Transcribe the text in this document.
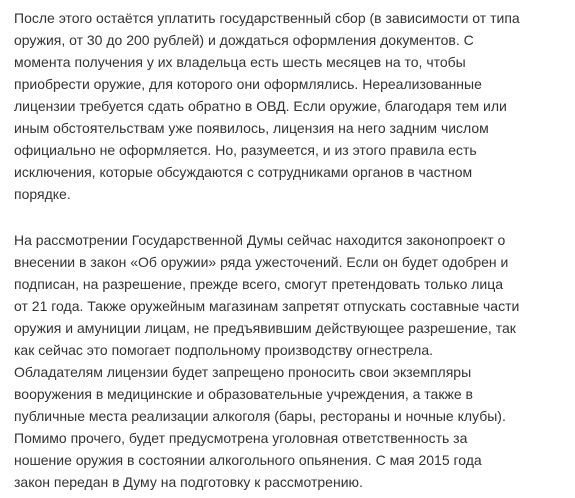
После этого остаётся уплатить государственный сбор (в зависимости от типа
оружия, от 30 до 200 рублей) и дождаться оформления документов. С
момента получения у их владельца есть шесть месяцев на то, чтобы
приобрести оружие, для которого они оформлялись. Нереализованные
лицензии требуется сдать обратно в ОВД. Если оружие, благодаря тем или
иным обстоятельствам уже появилось, лицензия на него задним числом
официально не оформляется. Но, разумеется, и из этого правила есть
исключения, которые обсуждаются с сотрудниками органов в частном
порядке.

На рассмотрении Государственной Думы сейчас находится законопроект о
внесении в закон «Об оружии» ряда ужесточений. Если он будет одобрен и
подписан, на разрешение, прежде всего, смогут претендовать только лица
от 21 года. Также оружейным магазинам запретят отпускать составные части
оружия и амуниции лицам, не предъявившим действующее разрешение, так
как сейчас это помогает подпольному производству огнестрела.
Обладателям лицензии будет запрещено проносить свои экземпляры
вооружения в медицинские и образовательные учреждения, а также в
публичные места реализации алкоголя (бары, рестораны и ночные клубы).
Помимо прочего, будет предусмотрена уголовная ответственность за
ношение оружия в состоянии алкогольного опьянения. С мая 2015 года
закон передан в Думу на подготовку к рассмотрению.
